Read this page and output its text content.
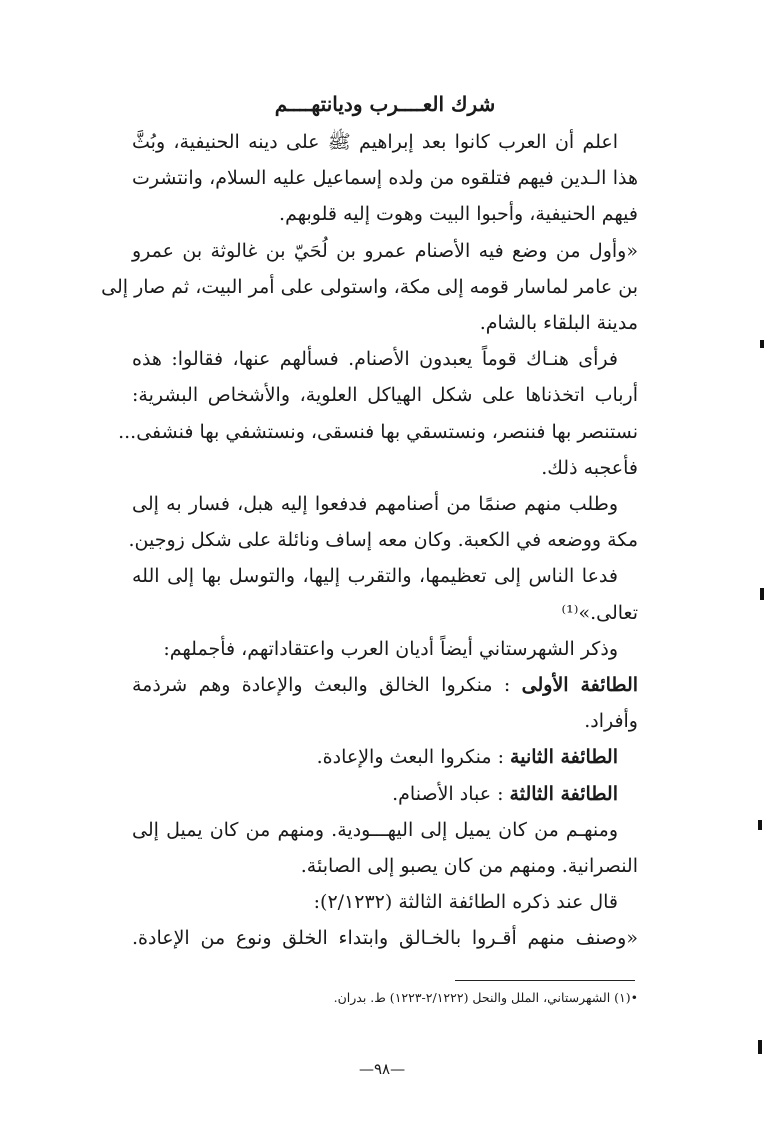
شرك العــــرب وديانتهــــم
اعلم أن العرب كانوا بعد إبراهيم ﷺ على دينه الحنيفية، وبُثَّ
هذا الـدين فيهم فتلقوه من ولده إسماعيل عليه السلام، وانتشرت
فيهم الحنيفية، وأحبوا البيت وهوت إليه قلوبهم.
«وأول من وضع فيه الأصنام عمرو بن لُحَيّ بن غالوثة بن عمرو
بن عامر لماسار قومه إلى مكة، واستولى على أمر البيت، ثم صار إلى
مدينة البلقاء بالشام.
فرأى هنـاك قوماً يعبدون الأصنام. فسألهم عنها، فقالوا: هذه
أرباب اتخذناها على شكل الهياكل العلوية، والأشخاص البشرية:
نستنصر بها فننصر، ونستسقي بها فنسقى، ونستشفي بها فنشفى...
فأعجبه ذلك.
وطلب منهم صنمًا من أصنامهم فدفعوا إليه هبل، فسار به إلى
مكة ووضعه في الكعبة. وكان معه إساف ونائلة على شكل زوجين.
فدعا الناس إلى تعظيمها، والتقرب إليها، والتوسل بها إلى الله
تعالى.»⁽¹⁾
وذكر الشهرستاني أيضاً أديان العرب واعتقاداتهم، فأجملهم:
الطائفة الأولى : منكروا الخالق والبعث والإعادة وهم شرذمة
وأفراد.
الطائفة الثانية : منكروا البعث والإعادة.
الطائفة الثالثة : عباد الأصنام.
ومنهـم من كان يميل إلى اليهـــودية. ومنهم من كان يميل إلى
النصرانية. ومنهم من كان يصبو إلى الصابئة.
قال عند ذكره الطائفة الثالثة (٢/١٢٣٢):
«وصنف منهم أقـروا بالخـالق وابتداء الخلق ونوع من الإعادة.
•(١) الشهرستاني، الملل والنحل (٢/١٢٢٢-١٢٢٣) ط. بدران.
—٩٨—
